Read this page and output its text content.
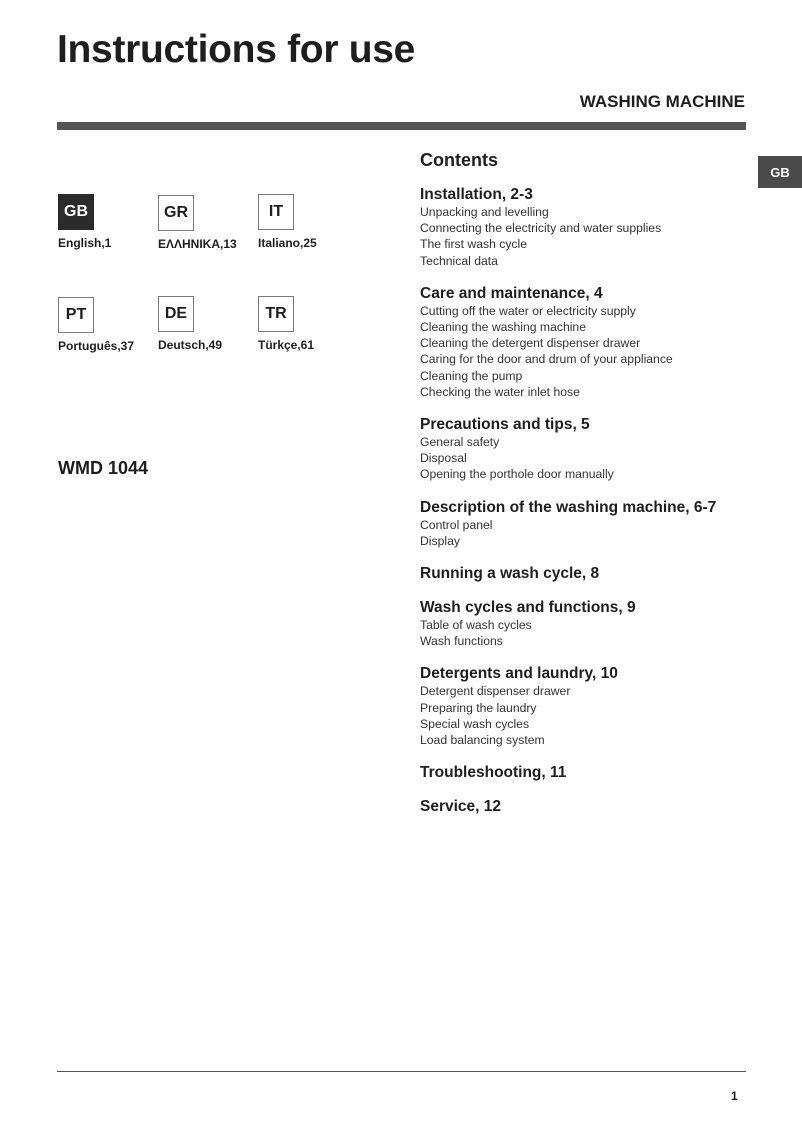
Instructions for use
WASHING MACHINE
GB
GB
English,1
GR
ΕΛΛΗΝΙΚΑ,13
IT
Italiano,25
PT
Português,37
DE
Deutsch,49
TR
Türkçe,61
WMD 1044
Contents
Installation, 2-3
Unpacking and levelling
Connecting the electricity and water supplies
The first wash cycle
Technical data
Care and maintenance, 4
Cutting off the water or electricity supply
Cleaning the washing machine
Cleaning the detergent dispenser drawer
Caring for the door and drum of your appliance
Cleaning the pump
Checking the water inlet hose
Precautions and tips, 5
General safety
Disposal
Opening the porthole door manually
Description of the washing machine, 6-7
Control panel
Display
Running a wash cycle, 8
Wash cycles and functions, 9
Table of wash cycles
Wash functions
Detergents and laundry, 10
Detergent dispenser drawer
Preparing the laundry
Special wash cycles
Load balancing system
Troubleshooting, 11
Service, 12
1
